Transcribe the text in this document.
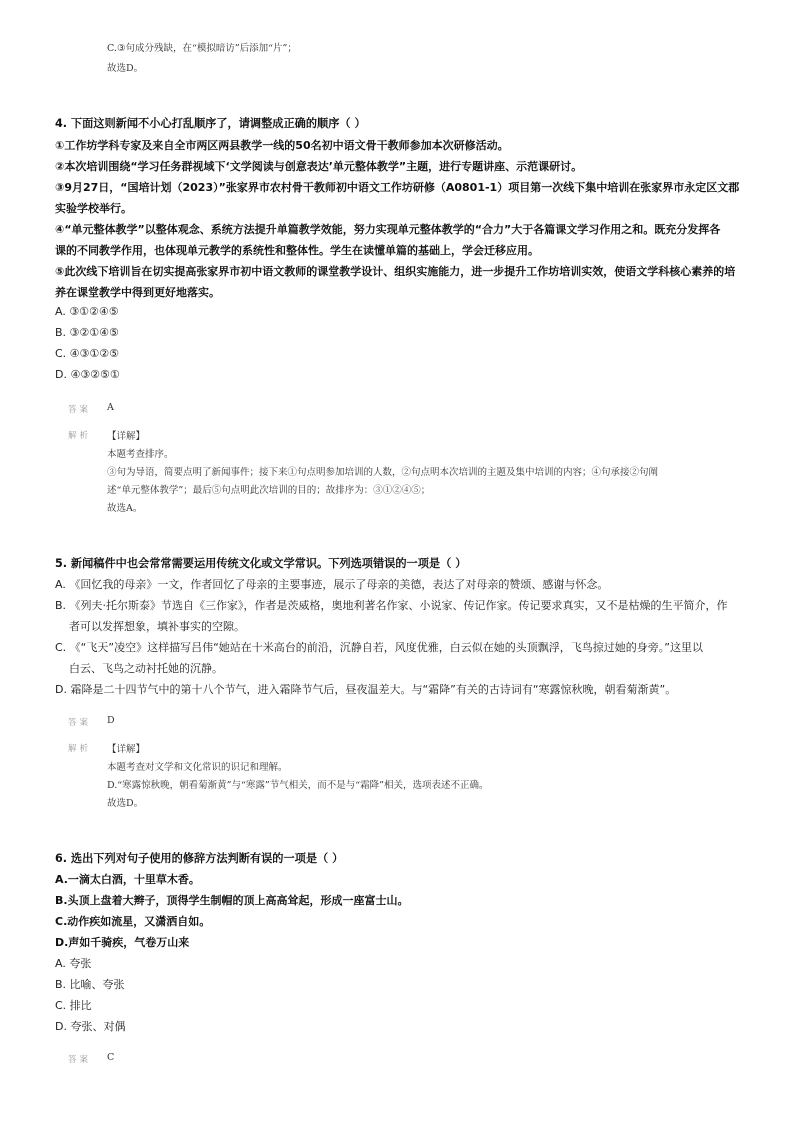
C.③句成分残缺，在“模拟暗访”后添加“片”；
故选D。
4. 下面这则新闻不小心打乱顺序了，请调整成正确的顺序（ ）
①工作坊学科专家及来自全市两区两县教学一线的50名初中语文骨干教师参加本次研修活动。
②本次培训围绕“学习任务群视域下‘文学阅读与创意表达’单元整体教学”主题，进行专题讲座、示范课研讨。
③9月27日，“国培计划（2023）”张家界市农村骨干教师初中语文工作坊研修（A0801-1）项目第一次线下集中培训在张家界市永定区文郡
实验学校举行。
④“单元整体教学”以整体观念、系统方法提升单篇教学效能，努力实现单元整体教学的“合力”大于各篇课文学习作用之和。既充分发挥各
课的不同教学作用，也体现单元教学的系统性和整体性。学生在读懂单篇的基础上，学会迁移应用。
⑤此次线下培训旨在切实提高张家界市初中语文教师的课堂教学设计、组织实施能力，进一步提升工作坊培训实效，使语文学科核心素养的培
养在课堂教学中得到更好地落实。
A. ③①②④⑤
B. ③②①④⑤
C. ④③①②⑤
D. ④③②⑤①
答案 A
解析 【详解】
本题考查排序。
③句为导语，简要点明了新闻事件；接下来①句点明参加培训的人数，②句点明本次培训的主题及集中培训的内容；④句承接②句阐
述“单元整体教学”；最后⑤句点明此次培训的目的；故排序为：③①②④⑤；
故选A。
5. 新闻稿件中也会常常需要运用传统文化或文学常识。下列选项错误的一项是（ ）
A. 《回忆我的母亲》一文，作者回忆了母亲的主要事迹，展示了母亲的美德，表达了对母亲的赞颂、感谢与怀念。
B. 《列夫·托尔斯泰》节选自《三作家》，作者是茨威格，奥地利著名作家、小说家、传记作家。传记要求真实，又不是枯燥的生平简介，作
者可以发挥想象，填补事实的空隙。
C. 《“飞天”凌空》这样描写吕伟“她站在十米高台的前沿，沉静自若，风度优雅，白云似在她的头顶飘浮，飞鸟掠过她的身旁。”这里以
白云、飞鸟之动衬托她的沉静。
D. 霜降是二十四节气中的第十八个节气，进入霜降节气后，昼夜温差大。与“霜降”有关的古诗词有“寒露惊秋晚，朝看菊渐黄”。
答案 D
解析 【详解】
本题考查对文学和文化常识的识记和理解。
D.“寒露惊秋晚，朝看菊渐黄”与“寒露”节气相关，而不是与“霜降”相关，选项表述不正确。
故选D。
6. 选出下列对句子使用的修辞方法判断有误的一项是（ ）
A.一滴太白酒，十里草木香。
B.头顶上盘着大辫子，顶得学生制帽的顶上高高耸起，形成一座富士山。
C.动作疾如流星，又潇洒自如。
D.声如千骑疾，气卷万山来
A. 夸张
B. 比喻、夸张
C. 排比
D. 夸张、对偶
答案 C
